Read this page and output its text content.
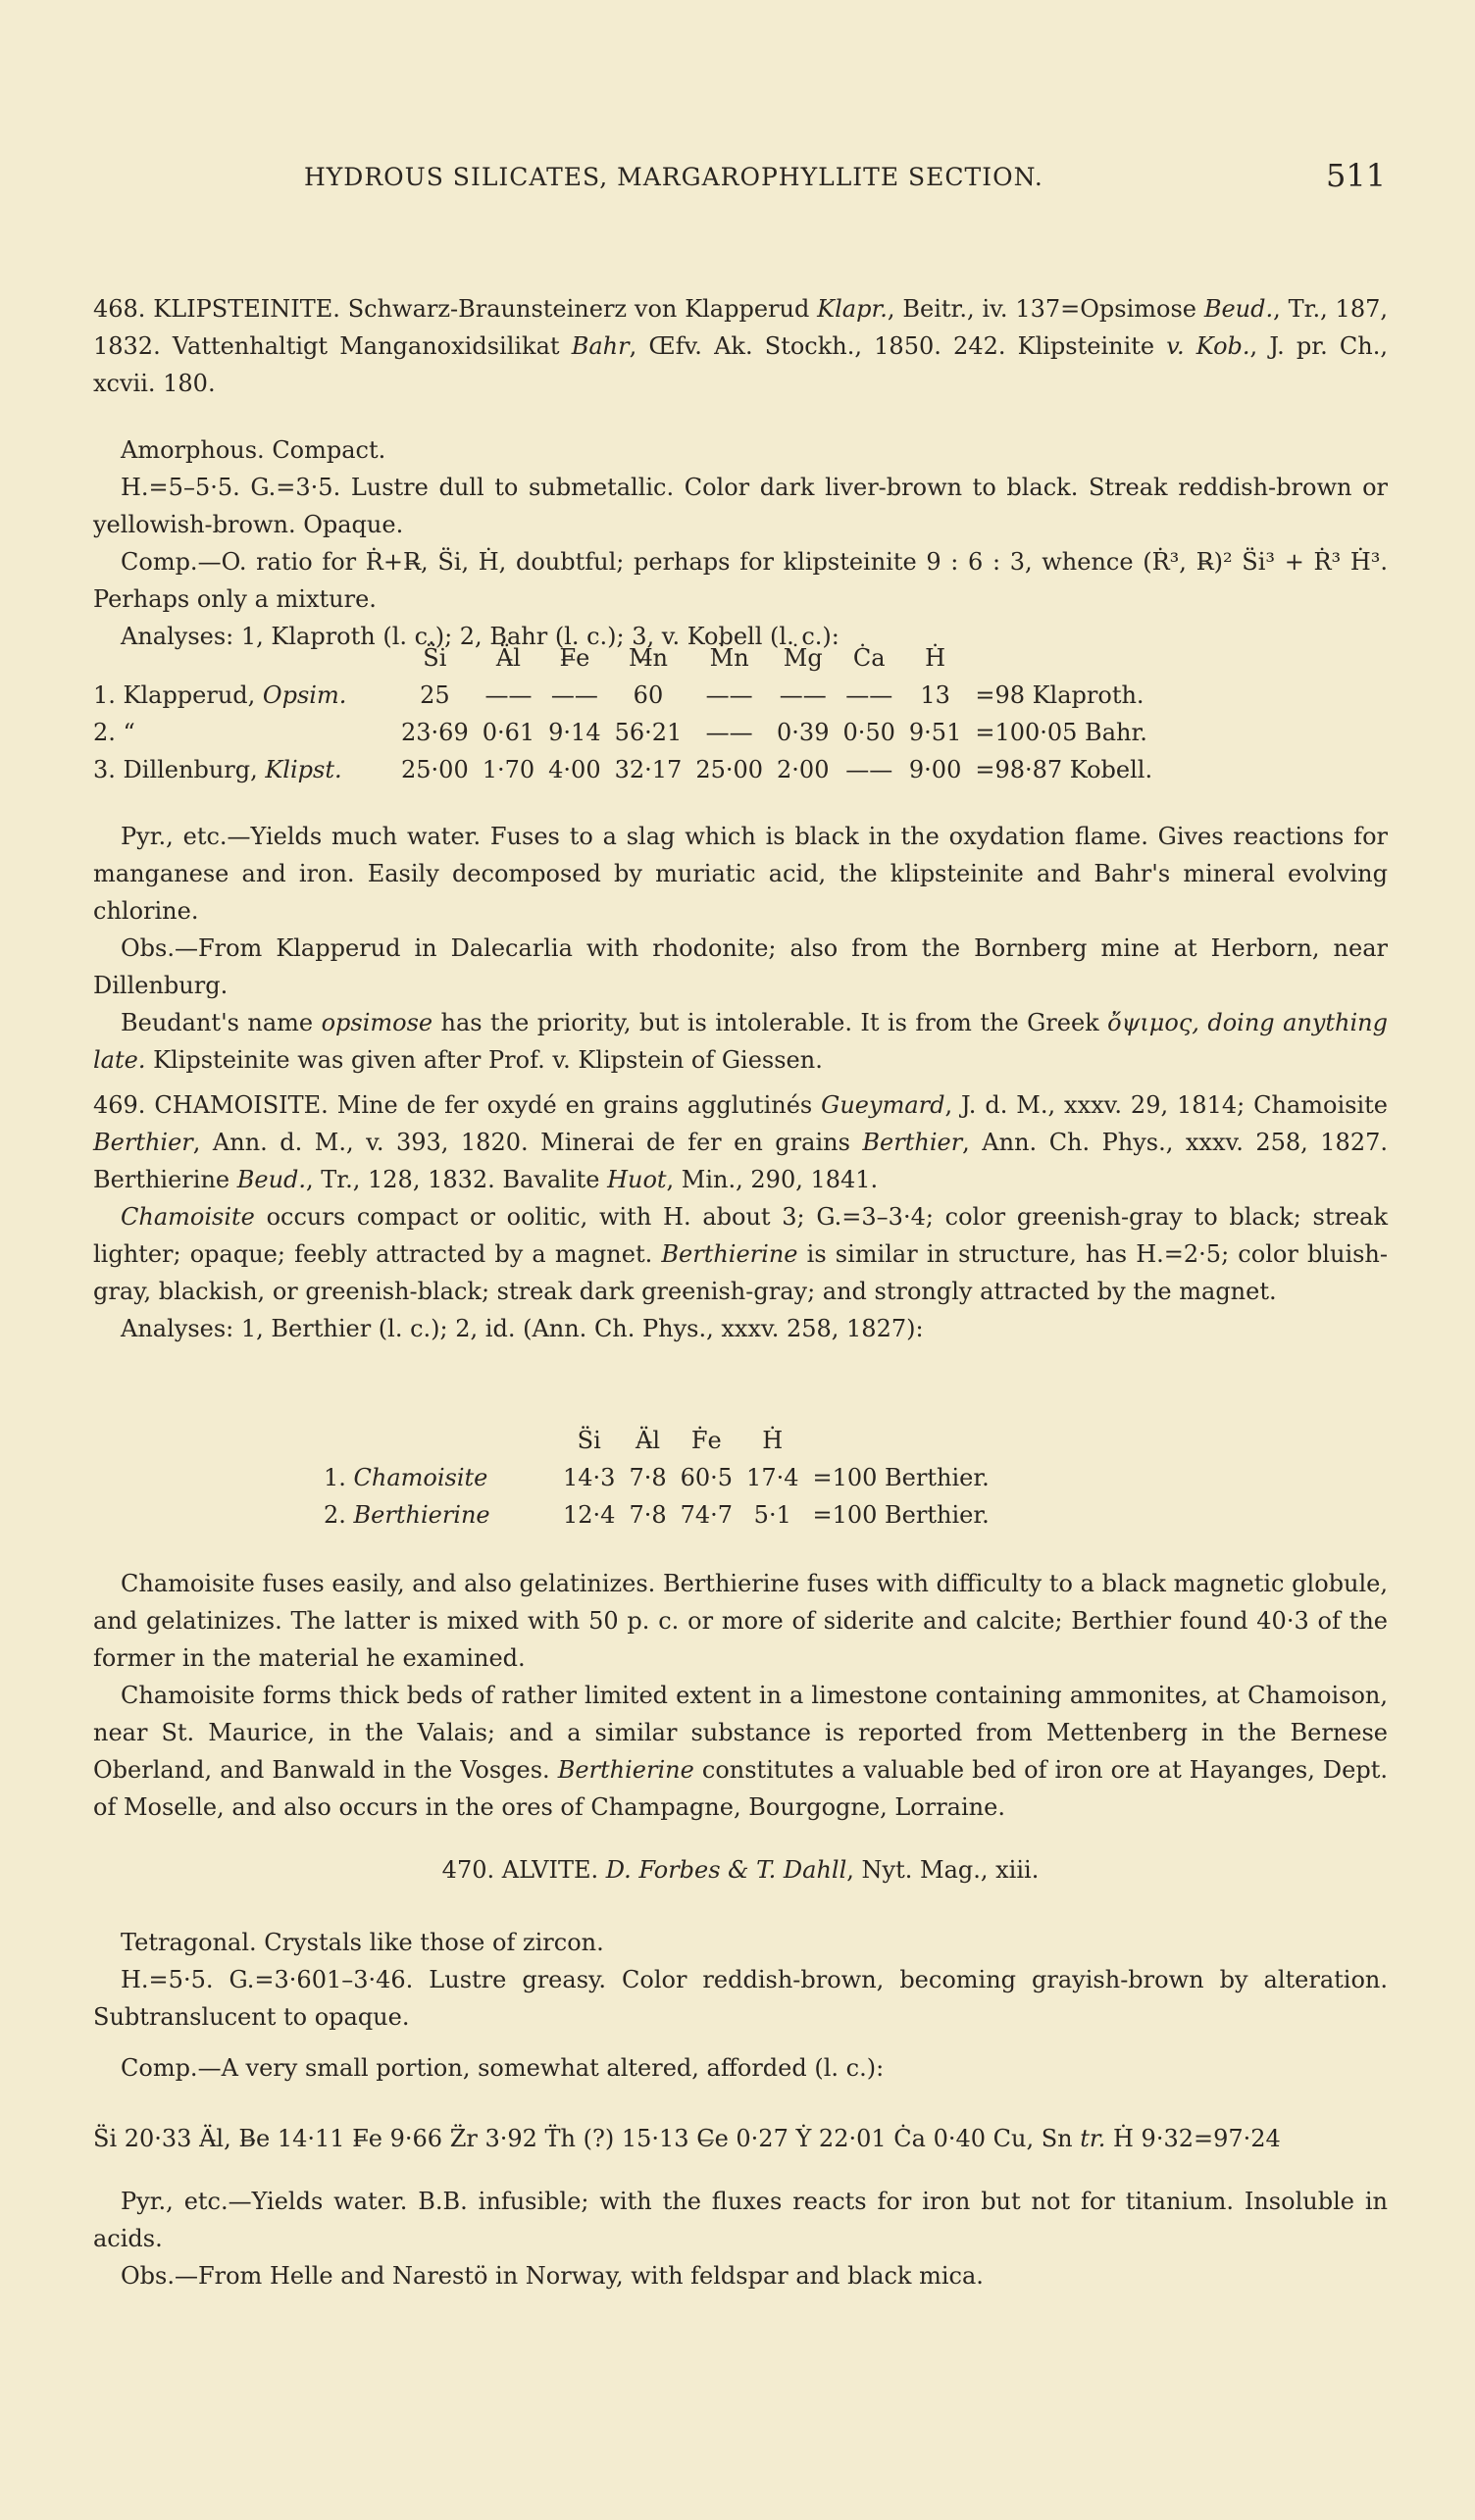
HYDROUS SILICATES, MARGAROPHYLLITE SECTION.	511

468. KLIPSTEINITE. Schwarz-Braunsteinerz von Klapperud Klapr., Beitr., iv. 137=Opsimose Beud., Tr., 187, 1832. Vattenhaltigt Manganoxidsilikat Bahr, Œfv. Ak. Stockh., 1850. 242. Klipsteinite v. Kob., J. pr. Ch., xcvii. 180.

Amorphous. Compact.

H.=5–5·5. G.=3·5. Lustre dull to submetallic. Color dark liver-brown to black. Streak reddish-brown or yellowish-brown. Opaque.

Comp.—O. ratio for Ṙ+R̶, S̈i, Ḣ, doubtful; perhaps for klipsteinite 9 : 6 : 3, whence (Ṙ³, R̶)² S̈i³ + Ṙ³ Ḣ³. Perhaps only a mixture.

Analyses: 1, Klaproth (l. c.); 2, Bahr (l. c.); 3, v. Kobell (l. c.):

	S̈i	Ä̶l	F̶e	M̶n	Ṁn	Ṁg	Ċa	Ḣ	
1. Klapperud, Opsim.	25	——	——	60	——	——	——	13	=98 Klaproth.
2. “	23·69	0·61	9·14	56·21	——	0·39	0·50	9·51	=100·05 Bahr.
3. Dillenburg, Klipst.	25·00	1·70	4·00	32·17	25·00	2·00	——	9·00	=98·87 Kobell.

Pyr., etc.—Yields much water. Fuses to a slag which is black in the oxydation flame. Gives reactions for manganese and iron. Easily decomposed by muriatic acid, the klipsteinite and Bahr's mineral evolving chlorine.

Obs.—From Klapperud in Dalecarlia with rhodonite; also from the Bornberg mine at Herborn, near Dillenburg.

Beudant's name opsimose has the priority, but is intolerable. It is from the Greek ὄψιμος, doing anything late. Klipsteinite was given after Prof. v. Klipstein of Giessen.

469. CHAMOISITE. Mine de fer oxydé en grains agglutinés Gueymard, J. d. M., xxxv. 29, 1814; Chamoisite Berthier, Ann. d. M., v. 393, 1820. Minerai de fer en grains Berthier, Ann. Ch. Phys., xxxv. 258, 1827. Berthierine Beud., Tr., 128, 1832. Bavalite Huot, Min., 290, 1841.

Chamoisite occurs compact or oolitic, with H. about 3; G.=3–3·4; color greenish-gray to black; streak lighter; opaque; feebly attracted by a magnet. Berthierine is similar in structure, has H.=2·5; color bluish-gray, blackish, or greenish-black; streak dark greenish-gray; and strongly attracted by the magnet.

Analyses: 1, Berthier (l. c.); 2, id. (Ann. Ch. Phys., xxxv. 258, 1827):

	S̈i	Ä̶l	Ḟe	Ḣ	
1. Chamoisite	14·3	7·8	60·5	17·4	=100 Berthier.
2. Berthierine	12·4	7·8	74·7	5·1	=100 Berthier.

Chamoisite fuses easily, and also gelatinizes. Berthierine fuses with difficulty to a black magnetic globule, and gelatinizes. The latter is mixed with 50 p. c. or more of siderite and calcite; Berthier found 40·3 of the former in the material he examined.

Chamoisite forms thick beds of rather limited extent in a limestone containing ammonites, at Chamoison, near St. Maurice, in the Valais; and a similar substance is reported from Mettenberg in the Bernese Oberland, and Banwald in the Vosges. Berthierine constitutes a valuable bed of iron ore at Hayanges, Dept. of Moselle, and also occurs in the ores of Champagne, Bourgogne, Lorraine.

470. ALVITE. D. Forbes & T. Dahll, Nyt. Mag., xiii.

Tetragonal. Crystals like those of zircon.

H.=5·5. G.=3·601–3·46. Lustre greasy. Color reddish-brown, becoming grayish-brown by alteration. Subtranslucent to opaque.

Comp.—A very small portion, somewhat altered, afforded (l. c.):

S̈i 20·33 Ä̶l, B̶e 14·11 F̶e 9·66 Z̈r 3·92 T̈h (?) 15·13 C̶e 0·27 Ẏ 22·01 Ċa 0·40 Cu, Sn tr. Ḣ 9·32=97·24

Pyr., etc.—Yields water. B.B. infusible; with the fluxes reacts for iron but not for titanium. Insoluble in acids.

Obs.—From Helle and Narestö in Norway, with feldspar and black mica.
